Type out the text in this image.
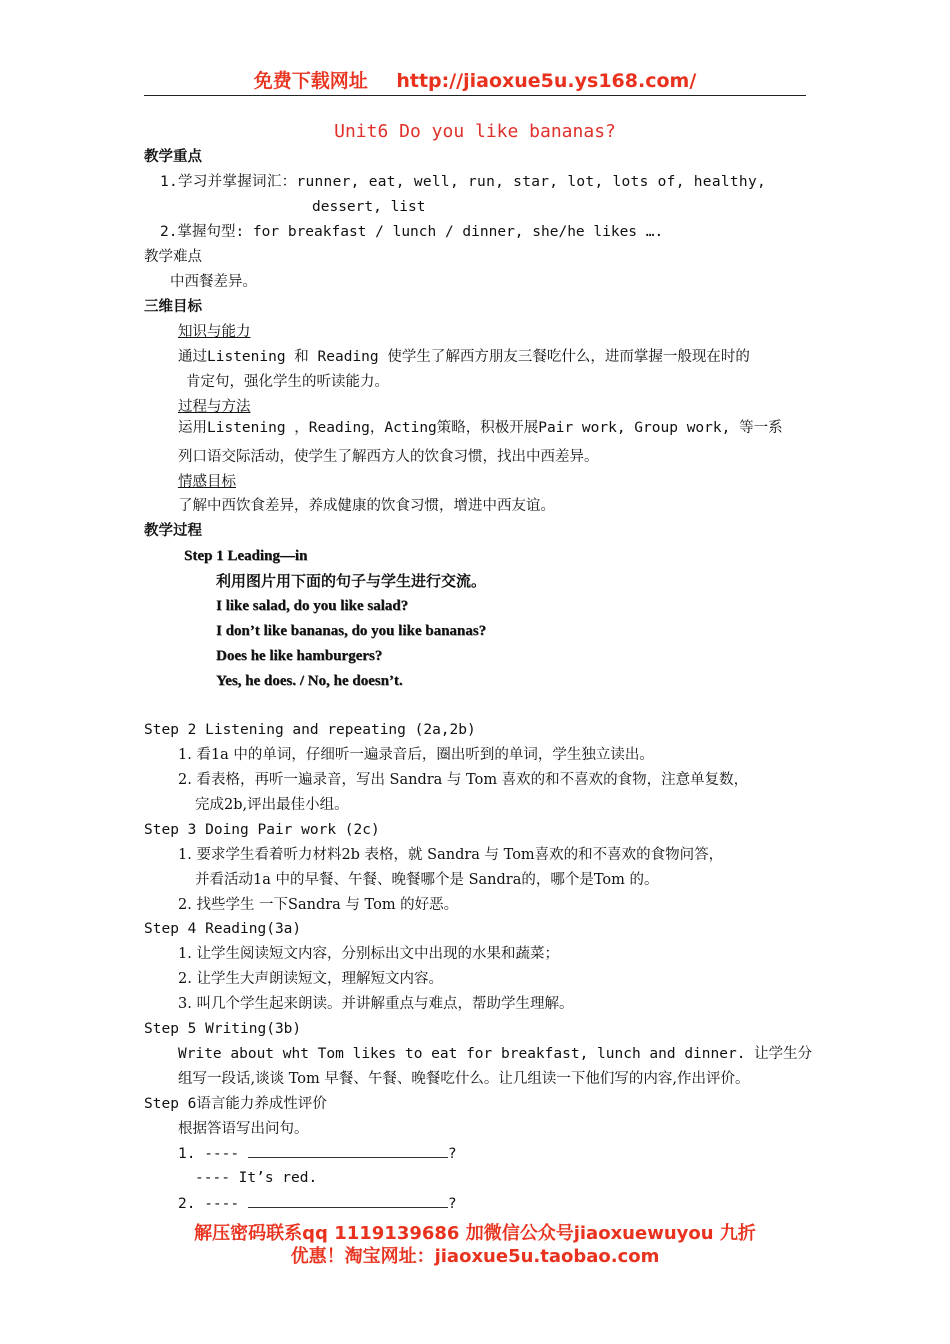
免费下载网址 http://jiaoxue5u.ys168.com/
Unit6 Do you like bananas?
教学重点
1.学习并掌握词汇：runner, eat, well, run, star, lot, lots of, healthy,
dessert, list
2.掌握句型: for breakfast / lunch / dinner, she/he likes ….
教学难点
中西餐差异。
三维目标
知识与能力
通过Listening 和 Reading 使学生了解西方朋友三餐吃什么，进而掌握一般现在时的
肯定句，强化学生的听读能力。
过程与方法
运用Listening ，Reading，Acting策略，积极开展Pair work, Group work, 等一系
列口语交际活动，使学生了解西方人的饮食习惯，找出中西差异。
情感目标
了解中西饮食差异，养成健康的饮食习惯，增进中西友谊。
教学过程
Step 1 Leading—in
利用图片用下面的句子与学生进行交流。
I like salad, do you like salad?
I don’t like bananas, do you like bananas?
Does he like hamburgers?
Yes, he does. / No, he doesn’t.
Step 2 Listening and repeating (2a,2b)
1. 看1a 中的单词，仔细听一遍录音后，圈出听到的单词，学生独立读出。
2. 看表格，再听一遍录音，写出 Sandra 与 Tom 喜欢的和不喜欢的食物，注意单复数，
完成2b,评出最佳小组。
Step 3 Doing Pair work (2c)
1. 要求学生看着听力材料2b 表格，就 Sandra 与 Tom喜欢的和不喜欢的食物问答，
并看活动1a 中的早餐、午餐、晚餐哪个是 Sandra的，哪个是Tom 的。
2. 找些学生 一下Sandra 与 Tom 的好恶。
Step 4 Reading(3a)
1. 让学生阅读短文内容，分别标出文中出现的水果和蔬菜；
2. 让学生大声朗读短文，理解短文内容。
3. 叫几个学生起来朗读。并讲解重点与难点，帮助学生理解。
Step 5 Writing(3b)
Write about wht Tom likes to eat for breakfast, lunch and dinner. 让学生分
组写一段话,谈谈 Tom 早餐、午餐、晚餐吃什么。让几组读一下他们写的内容,作出评价。
Step 6语言能力养成性评价
根据答语写出问句。
1. ----	?
---- It’s red.
2. ----	?
解压密码联系qq 1119139686 加微信公众号jiaoxuewuyou 九折
优惠！淘宝网址：jiaoxue5u.taobao.com
